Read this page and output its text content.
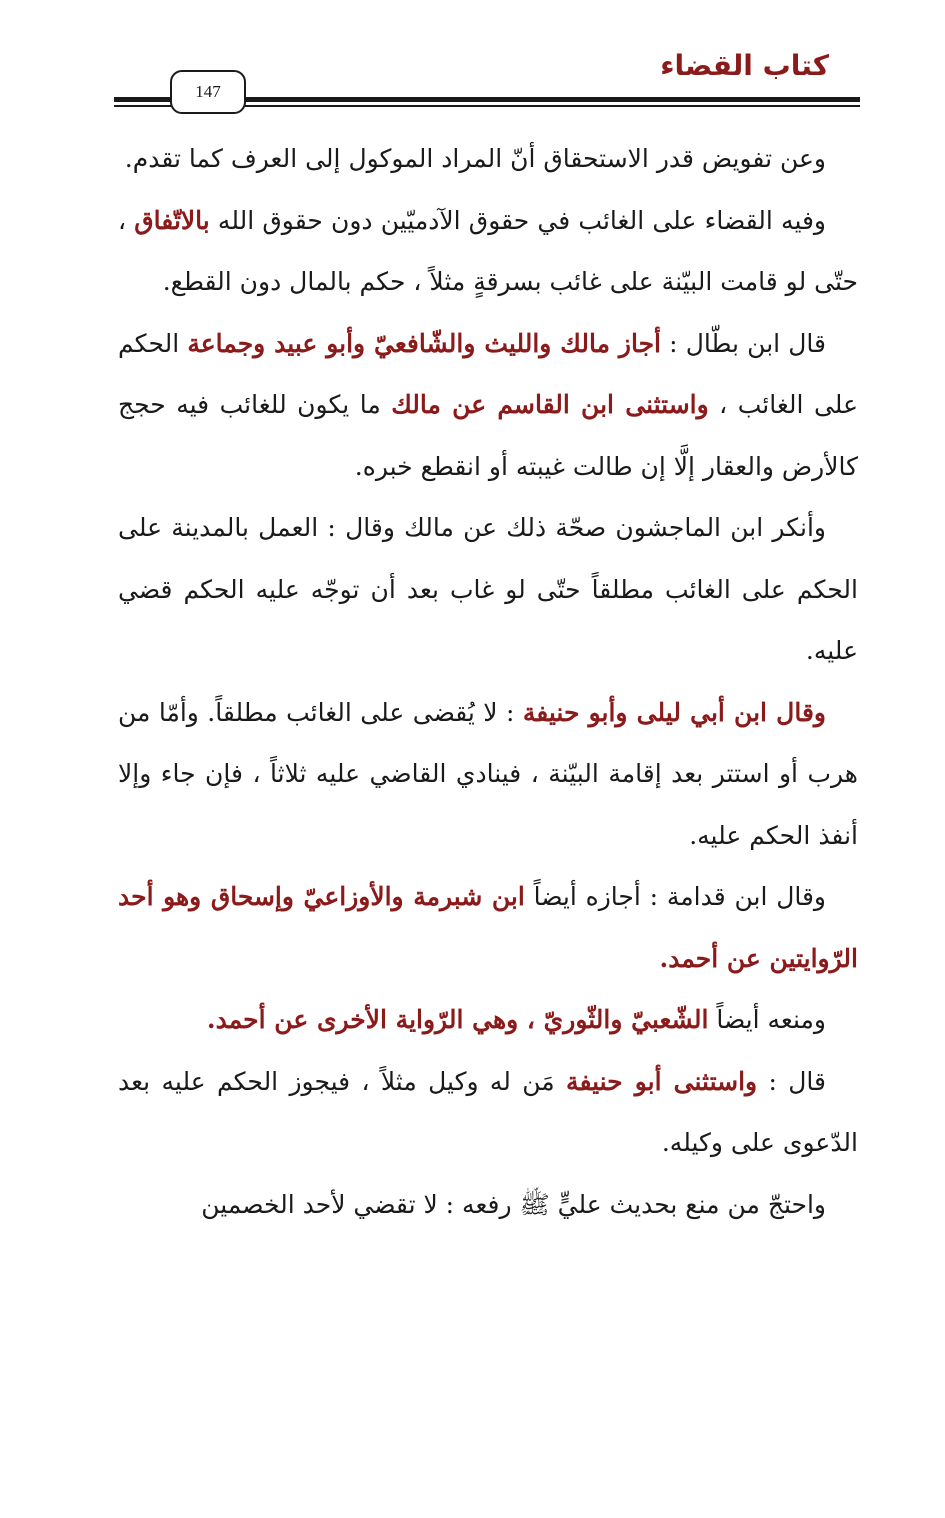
كتاب القضاء
147

وعن تفويض قدر الاستحقاق أنّ المراد الموكول إلى العرف كما تقدم.

وفيه القضاء على الغائب في حقوق الآدميّين دون حقوق الله بالاتّفاق ، حتّى لو قامت البيّنة على غائب بسرقةٍ مثلاً ، حكم بالمال دون القطع.

قال ابن بطّال : أجاز مالك والليث والشّافعيّ وأبو عبيد وجماعة الحكم على الغائب ، واستثنى ابن القاسم عن مالك ما يكون للغائب فيه حجج كالأرض والعقار إلَّا إن طالت غيبته أو انقطع خبره.

وأنكر ابن الماجشون صحّة ذلك عن مالك وقال : العمل بالمدينة على الحكم على الغائب مطلقاً حتّى لو غاب بعد أن توجّه عليه الحكم قضي عليه.

وقال ابن أبي ليلى وأبو حنيفة : لا يُقضى على الغائب مطلقاً. وأمّا من هرب أو استتر بعد إقامة البيّنة ، فينادي القاضي عليه ثلاثاً ، فإن جاء وإلا أنفذ الحكم عليه.

وقال ابن قدامة : أجازه أيضاً ابن شبرمة والأوزاعيّ وإسحاق وهو أحد الرّوايتين عن أحمد.

ومنعه أيضاً الشّعبيّ والثّوريّ ، وهي الرّواية الأخرى عن أحمد.

قال : واستثنى أبو حنيفة مَن له وكيل مثلاً ، فيجوز الحكم عليه بعد الدّعوى على وكيله.

واحتجّ من منع بحديث عليٍّ ﷺ رفعه : لا تقضي لأحد الخصمين
